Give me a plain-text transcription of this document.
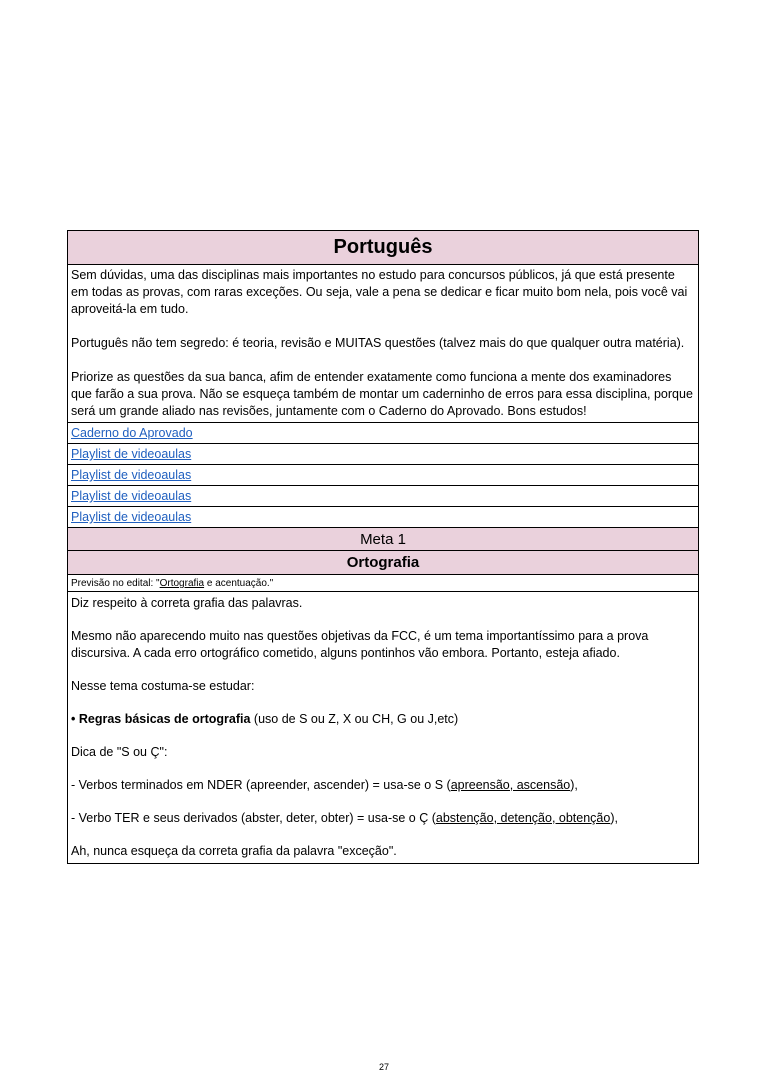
Português

Sem dúvidas, uma das disciplinas mais importantes no estudo para concursos públicos, já que está presente em todas as provas, com raras exceções. Ou seja, vale a pena se dedicar e ficar muito bom nela, pois você vai aproveitá-la em tudo.

Português não tem segredo: é teoria, revisão e MUITAS questões (talvez mais do que qualquer outra matéria).

Priorize as questões da sua banca, afim de entender exatamente como funciona a mente dos examinadores que farão a sua prova. Não se esqueça também de montar um caderninho de erros para essa disciplina, porque será um grande aliado nas revisões, juntamente com o Caderno do Aprovado. Bons estudos!

Caderno do Aprovado
Playlist de videoaulas
Playlist de videoaulas
Playlist de videoaulas
Playlist de videoaulas
Meta 1
Ortografia
Previsão no edital: "Ortografia e acentuação."

Diz respeito à correta grafia das palavras.

Mesmo não aparecendo muito nas questões objetivas da FCC, é um tema importantíssimo para a prova discursiva. A cada erro ortográfico cometido, alguns pontinhos vão embora. Portanto, esteja afiado.

Nesse tema costuma-se estudar:

• Regras básicas de ortografia (uso de S ou Z, X ou CH, G ou J,etc)

Dica de "S ou Ç":

- Verbos terminados em NDER (apreender, ascender) = usa-se o S (apreensão, ascensão),

- Verbo TER e seus derivados (abster, deter, obter) = usa-se o Ç (abstenção, detenção, obtenção),

Ah, nunca esqueça da correta grafia da palavra "exceção".

27
